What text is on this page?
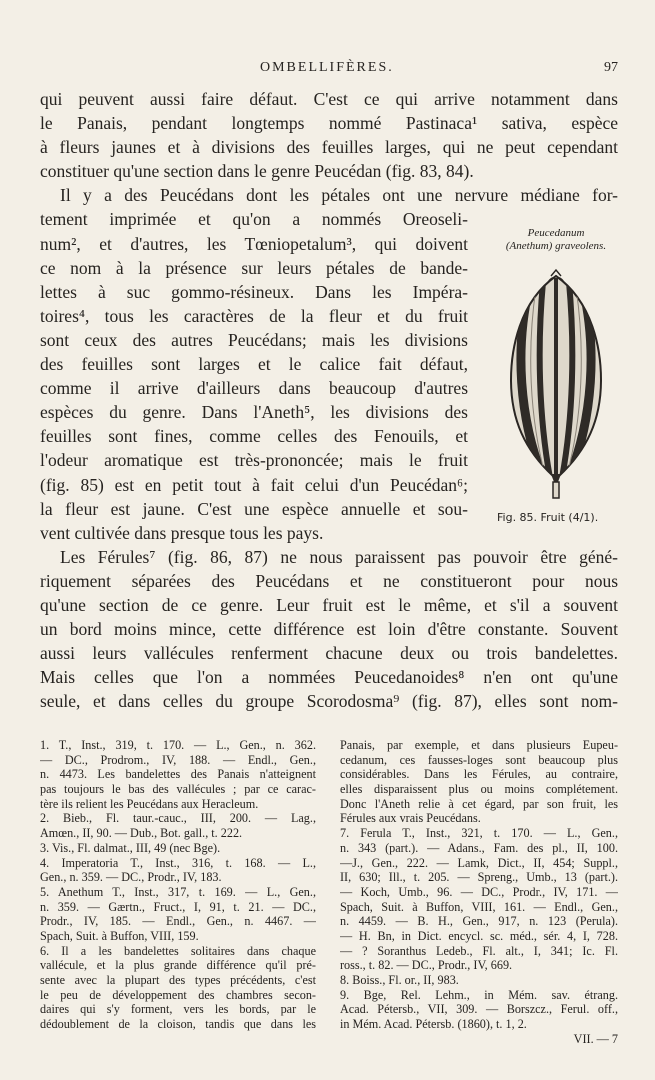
OMBELLIFÈRES.	97
qui peuvent aussi faire défaut. C'est ce qui arrive notamment dans
le Panais, pendant longtemps nommé Pastinaca¹ sativa, espèce
à fleurs jaunes et à divisions des feuilles larges, qui ne peut cependant
constituer qu'une section dans le genre Peucédan (fig. 83, 84).
Il y a des Peucédans dont les pétales ont une nervure médiane for-
tement imprimée et qu'on a nommés Oreoseli-
num², et d'autres, les Tœniopetalum³, qui doivent
ce nom à la présence sur leurs pétales de bande-
lettes à suc gommo-résineux. Dans les Impéra-
toires⁴, tous les caractères de la fleur et du fruit
sont ceux des autres Peucédans; mais les divisions
des feuilles sont larges et le calice fait défaut,
comme il arrive d'ailleurs dans beaucoup d'autres
espèces du genre. Dans l'Aneth⁵, les divisions des
feuilles sont fines, comme celles des Fenouils, et
l'odeur aromatique est très-prononcée; mais le fruit
(fig. 85) est en petit tout à fait celui d'un Peucédan⁶;
la fleur est jaune. C'est une espèce annuelle et sou-
vent cultivée dans presque tous les pays.
Les Férules⁷ (fig. 86, 87) ne nous paraissent pas pouvoir être géné-
riquement séparées des Peucédans et ne constitueront pour nous
qu'une section de ce genre. Leur fruit est le même, et s'il a souvent
un bord moins mince, cette différence est loin d'être constante. Souvent
aussi leurs vallécules renferment chacune deux ou trois bandelettes.
Mais celles que l'on a nommées Peucedanoides⁸ n'en ont qu'une
seule, et dans celles du groupe Scorodosma⁹ (fig. 87), elles sont nom-
Peucedanum
(Anethum) graveolens.
Fig. 85. Fruit (4/1).
1. T., Inst., 319, t. 170. — L., Gen., n. 362.
— DC., Prodrom., IV, 188. — Endl., Gen.,
n. 4473. Les bandelettes des Panais n'atteignent
pas toujours le bas des vallécules ; par ce carac-
tère ils relient les Peucédans aux Heracleum.
2. Bieb., Fl. taur.-cauc., III, 200. — Lag.,
Amœn., II, 90. — Dub., Bot. gall., t. 222.
3. Vis., Fl. dalmat., III, 49 (nec Bge).
4. Imperatoria T., Inst., 316, t. 168. — L.,
Gen., n. 359. — DC., Prodr., IV, 183.
5. Anethum T., Inst., 317, t. 169. — L., Gen.,
n. 359. — Gærtn., Fruct., I, 91, t. 21. — DC.,
Prodr., IV, 185. — Endl., Gen., n. 4467. —
Spach, Suit. à Buffon, VIII, 159.
6. Il a les bandelettes solitaires dans chaque
vallécule, et la plus grande différence qu'il pré-
sente avec la plupart des types précédents, c'est
le peu de développement des chambres secon-
daires qui s'y forment, vers les bords, par le
dédoublement de la cloison, tandis que dans les
Panais, par exemple, et dans plusieurs Eupeu-
cedanum, ces fausses-loges sont beaucoup plus
considérables. Dans les Férules, au contraire,
elles disparaissent plus ou moins complétement.
Donc l'Aneth relie à cet égard, par son fruit, les
Férules aux vrais Peucédans.
7. Ferula T., Inst., 321, t. 170. — L., Gen.,
n. 343 (part.). — Adans., Fam. des pl., II, 100.
—J., Gen., 222. — Lamk, Dict., II, 454; Suppl.,
II, 630; Ill., t. 205. — Spreng., Umb., 13 (part.).
— Koch, Umb., 96. — DC., Prodr., IV, 171. —
Spach, Suit. à Buffon, VIII, 161. — Endl., Gen.,
n. 4459. — B. H., Gen., 917, n. 123 (Perula).
— H. Bn, in Dict. encycl. sc. méd., sér. 4, I, 728.
— ? Soranthus Ledeb., Fl. alt., I, 341; Ic. Fl.
ross., t. 82. — DC., Prodr., IV, 669.
8. Boiss., Fl. or., II, 983.
9. Bge, Rel. Lehm., in Mém. sav. étrang.
Acad. Pétersb., VII, 309. — Borszcz., Ferul. off.,
in Mém. Acad. Pétersb. (1860), t. 1, 2.
VII. — 7
